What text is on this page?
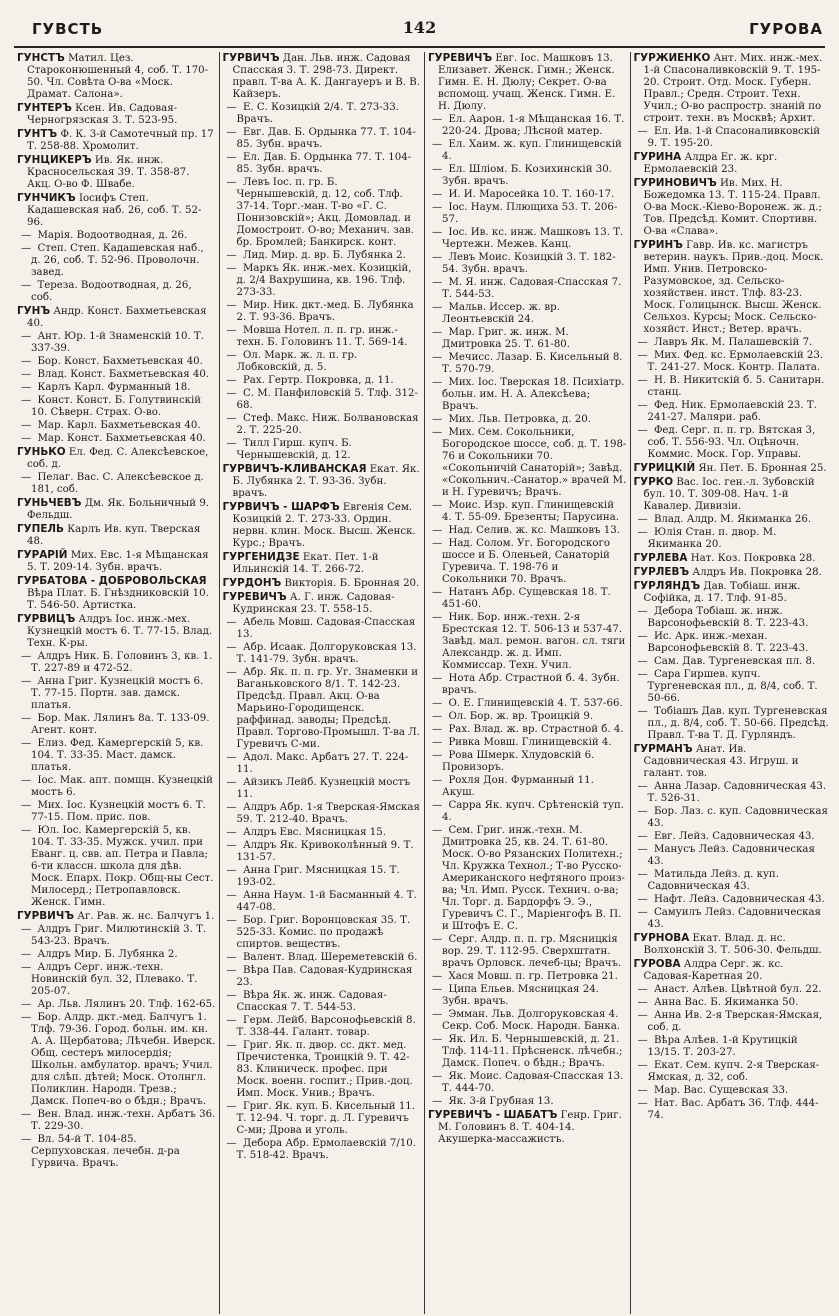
ГУВСТЬ	142	ГУРОВА
ГУНСТЪ Матил. Цез. Староконюшенный 4, соб. Т. 170-50. Чл. Совѣта О-ва «Моск. Драмат. Салона».
ГУНТЕРЪ Ксен. Ив. Садовая-Черногрязская 3. Т. 523-95.
ГУНТЪ Ф. К. 3-й Самотечный пр. 17 Т. 258-88. Хромолит.
ГУНЦИКЕРЪ Ив. Як. инж. Красносельская 39. Т. 358-87. Акц. О-во Ф. Швабе.
ГУНЧИКЪ Іосифъ Степ. Кадашевская наб. 26, соб. Т. 52-96.
— Марія. Водоотводная, д. 26.
— Степ. Степ. Кадашевская наб., д. 26, соб. Т. 52-96. Проволочн. завед.
— Тереза. Водоотводная, д. 26, соб.
ГУНЪ Андр. Конст. Бахметьевская 40.
— Ант. Юр. 1-й Знаменскій 10. Т. 337-39.
— Бор. Конст. Бахметьевская 40.
— Влад. Конст. Бахметьевская 40.
— Карлъ Карл. Фурманный 18.
— Конст. Конст. Б. Голутвинскій 10. Сѣверн. Страх. О-во.
— Мар. Карл. Бахметьевская 40.
— Мар. Конст. Бахметьевская 40.
ГУНЬКО Ел. Фед. С. Алексѣевское, соб. д.
— Пелаг. Вас. С. Алексѣевское д. 181, соб.
ГУНЬЧЕВЪ Дм. Як. Больничный 9. Фельдш.
ГУПЕЛЬ Карлъ Ив. куп. Тверская 48.
ГУРАРІЙ Мих. Евс. 1-я Мѣщанская 5. Т. 209-14. Зубн. врачъ.
ГУРБАТОВА - ДОБРОВОЛЬСКАЯ Вѣра Плат. Б. Гнѣздниковскій 10. Т. 546-50. Артистка.
ГУРВИЦЪ Алдръ Іос. инж.-мех. Кузнецкій мостъ 6. Т. 77-15. Влад. Техн. К-ры.
— Алдръ Ник. Б. Головинъ 3, кв. 1. Т. 227-89 и 472-52.
— Анна Григ. Кузнецкій мостъ 6. Т. 77-15. Портн. зав. дамск. платья.
— Бор. Мак. Лялинъ 8а. Т. 133-09. Агент. конт.
— Елиз. Фед. Камергерскій 5, кв. 104. Т. 33-35. Маст. дамск. платья.
— Іос. Мак. апт. помщн. Кузнецкій мостъ 6.
— Мих. Іос. Кузнецкій мостъ 6. Т. 77-15. Пом. прис. пов.
— Юл. Іос. Камергерскій 5, кв. 104. Т. 33-35. Мужск. учил. при Еванг. ц. свв. ап. Петра и Павла; 6-ти классн. школа для дѣв. Моск. Епарх. Покр. Общ-ны Сест. Милосерд.; Петропавловск. Женск. Гимн.
ГУРВИЧЪ Аг. Рав. ж. нс. Балчугъ 1.
— Алдръ Григ. Милютинскій 3. Т. 543-23. Врачъ.
— Алдръ Мир. Б. Лубянка 2.
— Алдръ Серг. инж.-техн. Новинскій бул. 32, Плевако. Т. 205-07.
— Ар. Льв. Лялинъ 20. Тлф. 162-65.
— Бор. Алдр. дкт.-мед. Балчугъ 1. Тлф. 79-36. Город. больн. им. кн. А. А. Щербатова; Лѣчебн. Иверск. Общ. сестеръ милосердія; Школьн. амбулатор. врачъ; Учил. для слѣп. дѣтей; Моск. Отолнгл. Поликлин. Народн. Трезв.; Дамск. Попеч-во о бѣдн.; Врачъ.
— Вен. Влад. инж.-техн. Арбатъ 36. Т. 229-30.
— Вл. 54-й Т. 104-85. Серпуховская. лечебн. д-ра Гурвича. Врачъ.
ГУРВИЧЪ Дан. Льв. инж. Садовая Спасская 3. Т. 298-73. Директ. правл. Т-ва А. К. Дангауеръ и В. В. Кайзеръ.
— Е. С. Козицкій 2/4. Т. 273-33. Врачъ.
— Евг. Дав. Б. Ордынка 77. Т. 104-85. Зубн. врачъ.
— Ел. Дав. Б. Ордынка 77. Т. 104-85. Зубн. врачъ.
— Левъ Іос. п. гр. Б. Чернышевскій, д. 12, соб. Тлф. 37-14. Торг.-ман. Т-во «Г. С. Понизовскій»; Акц. Домовлад. и Домостроит. О-во; Механич. зав. бр. Бромлей; Банкирск. конт.
— Лид. Мир. д. вр. Б. Лубянка 2.
— Маркъ Як. инж.-мех. Козицкій, д. 2/4 Вахрушина, кв. 196. Тлф. 273-33.
— Мир. Ник. дкт.-мед. Б. Лубянка 2. Т. 93-36. Врачъ.
— Мовша Нотел. л. п. гр. инж.-техн. Б. Головинъ 11. Т. 569-14.
— Ол. Марк. ж. л. п. гр. Лобковскій, д. 5.
— Рах. Гертр. Покровка, д. 11.
— С. М. Панфиловскій 5. Тлф. 312-68.
— Стеф. Макс. Ниж. Болвановская 2. Т. 225-20.
— Тилл Гирш. купч. Б. Чернышевскій, д. 12.
ГУРВИЧЪ-КЛИВАНСКАЯ Екат. Як. Б. Лубянка 2. Т. 93-36. Зубн. врачъ.
ГУРВИЧЪ - ШАРФЪ Евгенія Сем. Козицкій 2. Т. 273-33. Ордин. нервн. клин. Моск. Высш. Женск. Курс.; Врачъ.
ГУРГЕНИДЗЕ Екат. Пет. 1-й Ильинскій 14. Т. 266-72.
ГУРДОНЪ Викторія. Б. Бронная 20.
ГУРЕВИЧЪ А. Г. инж. Садовая-Кудринская 23. Т. 558-15.
— Абель Мовш. Садовая-Спасская 13.
— Абр. Исаак. Долгоруковская 13. Т. 141-79. Зубн. врачъ.
— Абр. Як. п. п. гр. Уг. Знаменки и Ваганьковского 8/1. Т. 142-23. Предсѣд. Правл. Акц. О-ва Марьино-Городищенск. раффинад. заводы; Предсѣд. Правл. Торгово-Промышл. Т-ва Л. Гуревичъ С-ми.
— Адол. Макс. Арбатъ 27. Т. 224-11.
— Айзикъ Лейб. Кузнецкій мостъ 11.
— Алдръ Абр. 1-я Тверская-Ямская 59. Т. 212-40. Врачъ.
— Алдръ Евс. Мясницкая 15.
— Алдръ Як. Кривоколѣнный 9. Т. 131-57.
— Анна Григ. Мясницкая 15. Т. 193-02.
— Анна Наум. 1-й Басманный 4. Т. 447-08.
— Бор. Григ. Воронцовская 35. Т. 525-33. Комис. по продажѣ спиртов. веществъ.
— Валент. Влад. Шереметевскій 6.
— Вѣра Пав. Садовая-Кудринская 23.
— Вѣра Як. ж. инж. Садовая-Спасская 7. Т. 544-53.
— Герм. Лейб. Варсонофьевскій 8. Т. 338-44. Галант. товар.
— Григ. Як. п. двор. сс. дкт. мед. Пречистенка, Троицкій 9. Т. 42-83. Клиническ. профес. при Моск. военн. госпит.; Прив.-доц. Имп. Моск. Унив.; Врачъ.
— Григ. Як. куп. Б. Кисельный 11. Т. 12-94. Ч. торг. д. Л. Гуревичъ С-ми; Дрова и уголь.
— Дебора Абр. Ермолаевскій 7/10. Т. 518-42. Врачъ.
ГУРЕВИЧЪ Евг. Іос. Машковъ 13. Елизавет. Женск. Гимн.; Женск. Гимн. Е. Н. Дюлу; Секрет. О-ва вспомощ. учащ. Женск. Гимн. Е. Н. Дюлу.
— Ел. Аарон. 1-я Мѣщанская 16. Т. 220-24. Дрова; Лѣсной матер.
— Ел. Хаим. ж. куп. Глинищевскій 4.
— Ел. Шліом. Б. Козихинскій 30. Зубн. врачъ.
— И. И. Маросейка 10. Т. 160-17.
— Іос. Наум. Плющиха 53. Т. 206-57.
— Іос. Ив. кс. инж. Машковъ 13. Т. Чертежн. Межев. Канц.
— Левъ Моис. Козицкій 3. Т. 182-54. Зубн. врачъ.
— М. Я. инж. Садовая-Спасская 7. Т. 544-53.
— Мальв. Иссер. ж. вр. Леонтьевскій 24.
— Мар. Григ. ж. инж. М. Дмитровка 25. Т. 61-80.
— Мечисс. Лазар. Б. Кисельный 8. Т. 570-79.
— Мих. Іос. Тверская 18. Психіатр. больн. им. Н. А. Алексѣева; Врачъ.
— Мих. Льв. Петровка, д. 20.
— Мих. Сем. Сокольники, Богородское шоссе, соб. д. Т. 198-76 и Сокольники 70. «Сокольничій Санаторій»; Завѣд. «Сокольнич.-Санатор.» врачей М. и Н. Гуревичъ; Врачъ.
— Моис. Изр. куп. Глинищевскій 4. Т. 55-09. Брезенты; Парусина.
— Над. Селив. ж. кс. Машковъ 13.
— Над. Солом. Уг. Богородского шоссе и Б. Оленьей, Санаторій Гуревича. Т. 198-76 и Сокольники 70. Врачъ.
— Натанъ Абр. Сущевская 18. Т. 451-60.
— Ник. Бор. инж.-техн. 2-я Брестская 12. Т. 506-13 и 537-47. Завѣд. мал. ремон. вагон. сл. тяги Александр. ж. д. Имп. Коммиссар. Техн. Учил.
— Нота Абр. Страстной б. 4. Зубн. врачъ.
— О. Е. Глинищевскій 4. Т. 537-66.
— Ол. Бор. ж. вр. Троицкій 9.
— Рах. Влад. ж. вр. Страстной б. 4.
— Ривка Мовш. Глинищевскій 4.
— Рова Шмерк. Хлудовскій 6. Провизоръ.
— Рохля Дон. Фурманный 11. Акуш.
— Сарра Як. купч. Срѣтенскій туп. 4.
— Сем. Григ. инж.-техн. М. Дмитровка 25, кв. 24. Т. 61-80. Моск. О-во Рязанских Политехн.; Чл. Кружка Технол.; Т-во Русско-Американского нефтяного произ-ва; Чл. Имп. Русск. Технич. о-ва; Чл. Торг. д. Бардорфъ Э. Э., Гуревичъ С. Г., Маріенгофъ В. П. и Штофъ Е. С.
— Серг. Алдр. п. п. гр. Мясницкія вор. 29. Т. 112-95. Сверхштатн. врачъ Орловск. лечеб-цы; Врачъ.
— Хася Мовш. п. гр. Петровка 21.
— Ципа Ельев. Мясницкая 24. Зубн. врачъ.
— Эмман. Льв. Долгоруковская 4. Секр. Соб. Моск. Народн. Банка.
— Як. Ил. Б. Чернышевскій, д. 21. Тлф. 114-11. Прѣсненск. лѣчебн.; Дамск. Попеч. о бѣдн.; Врачъ.
— Як. Моис. Садовая-Спасская 13. Т. 444-70.
— Як. 3-й Грубная 13.
ГУРЕВИЧЪ - ШАБАТЪ Генр. Григ. М. Головинъ 8. Т. 404-14. Акушерка-массажистъ.
ГУРЖИЕНКО Ант. Мих. инж.-мех. 1-й Спасоналивковскій 9. Т. 195-20. Строит. Отд. Моск. Губерн. Правл.; Средн. Строит. Техн. Учил.; О-во распростр. знаній по строит. техн. въ Москвѣ; Архит.
— Ел. Ив. 1-й Спасоналивковскій 9. Т. 195-20.
ГУРИНА Алдра Ег. ж. крг. Ермолаевскій 23.
ГУРИНОВИЧЪ Ив. Мих. Н. Божедомка 13. Т. 115-24. Правл. О-ва Моск.-Кіево-Воронеж. ж. д.; Тов. Предсѣд. Комит. Спортивн. О-ва «Слава».
ГУРИНЪ Гавр. Ив. кс. магистръ ветерин. наукъ. Прив.-доц. Моск. Имп. Унив. Петровско-Разумовское, зд. Сельско-хозяйствен. инст. Тлф. 83-23. Моск. Голицынск. Высш. Женск. Сельхоз. Курсы; Моск. Сельско-хозяйст. Инст.; Ветер. врачъ.
— Лавръ Як. М. Палашевскій 7.
— Мих. Фед. кс. Ермолаевскій 23. Т. 241-27. Моск. Контр. Палата.
— Н. В. Никитскій б. 5. Санитарн. станц.
— Фед. Ник. Ермолаевскій 23. Т. 241-27. Маляри. раб.
— Фед. Серг. п. п. гр. Вятская 3, соб. Т. 556-93. Чл. Оцѣночн. Коммис. Моск. Гор. Управы.
ГУРИЦКІЙ Ян. Пет. Б. Бронная 25.
ГУРКО Вас. Іос. ген.-л. Зубовскій бул. 10. Т. 309-08. Нач. 1-й Кавалер. Дивизіи.
— Влад. Алдр. М. Якиманка 26.
— Юлія Стан. п. двор. М. Якиманка 20.
ГУРЛЕВА Нат. Коз. Покровка 28.
ГУРЛЕВЪ Алдръ Ив. Покровка 28.
ГУРЛЯНДЪ Дав. Тобіаш. инж. Софійка, д. 17. Тлф. 91-85.
— Дебора Тобіаш. ж. инж. Варсонофьевскій 8. Т. 223-43.
— Ис. Арк. инж.-механ. Варсонофьевскій 8. Т. 223-43.
— Сам. Дав. Тургеневская пл. 8.
— Сара Гиршев. купч. Тургеневская пл., д. 8/4, соб. Т. 50-66.
— Тобіашъ Дав. куп. Тургеневская пл., д. 8/4, соб. Т. 50-66. Предсѣд. Правл. Т-ва Т. Д. Гурляндъ.
ГУРМАНЪ Анат. Ив. Садовническая 43. Игруш. и галант. тов.
— Анна Лазар. Садовническая 43. Т. 526-31.
— Бор. Лаз. с. куп. Садовническая 43.
— Евг. Лейз. Садовническая 43.
— Манусъ Лейз. Садовническая 43.
— Матильда Лейз. д. куп. Садовническая 43.
— Нафт. Лейз. Садовническая 43.
— Самуилъ Лейз. Садовническая 43.
ГУРНОВА Екат. Влад. д. нс. Волхонскій 3. Т. 506-30. Фельдш.
ГУРОВА Алдра Серг. ж. кс. Садовая-Каретная 20.
— Анаст. Алѣев. Цвѣтной бул. 22.
— Анна Вас. Б. Якиманка 50.
— Анна Ив. 2-я Тверская-Ямская, соб. д.
— Вѣра Алѣев. 1-й Крутицкій 13/15. Т. 203-27.
— Екат. Сем. купч. 2-я Тверская-Ямская, д. 32, соб.
— Мар. Вас. Сущевская 33.
— Нат. Вас. Арбатъ 36. Тлф. 444-74.
